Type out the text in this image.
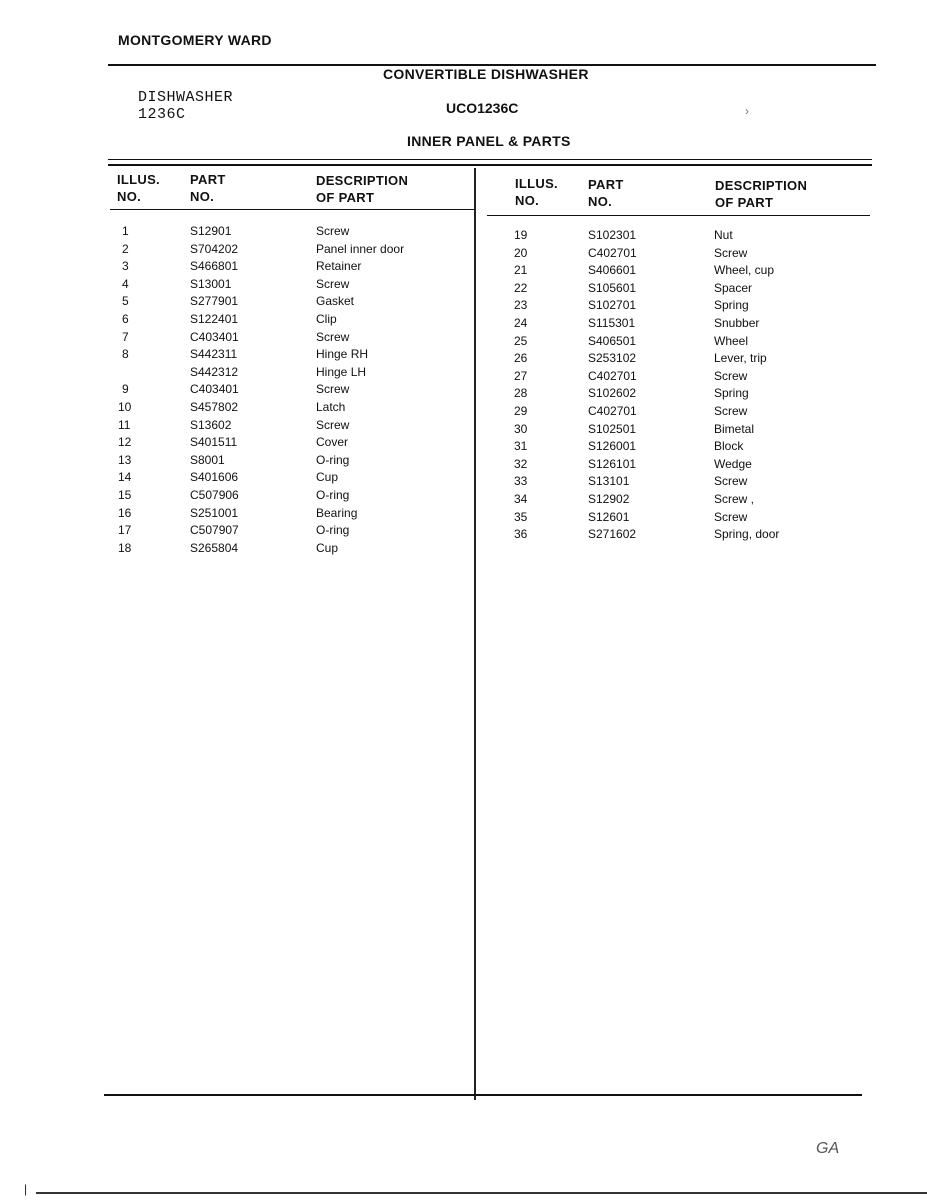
MONTGOMERY WARD
CONVERTIBLE DISHWASHER
DISHWASHER
1236C	UCO1236C	›
INNER PANEL & PARTS
ILLUS.
NO.
PART
NO.
DESCRIPTION
OF PART
ILLUS.
NO.
PART
NO.
DESCRIPTION
OF PART
1	S12901	Screw
2	S704202	Panel inner door
3	S466801	Retainer
4	S13001	Screw
5	S277901	Gasket
6	S122401	Clip
7	C403401	Screw
8	S442311	Hinge RH
S442312	Hinge LH
9	C403401	Screw
10	S457802	Latch
11	S13602	Screw
12	S401511	Cover
13	S8001	O-ring
14	S401606	Cup
15	C507906	O-ring
16	S251001	Bearing
17	C507907	O-ring
18	S265804	Cup
19	S102301	Nut
20	C402701	Screw
21	S406601	Wheel, cup
22	S105601	Spacer
23	S102701	Spring
24	S115301	Snubber
25	S406501	Wheel
26	S253102	Lever, trip
27	C402701	Screw
28	S102602	Spring
29	C402701	Screw
30	S102501	Bimetal
31	S126001	Block
32	S126101	Wedge
33	S13101	Screw
34	S12902	Screw ,
35	S12601	Screw
36	S271602	Spring, door
|
GA
